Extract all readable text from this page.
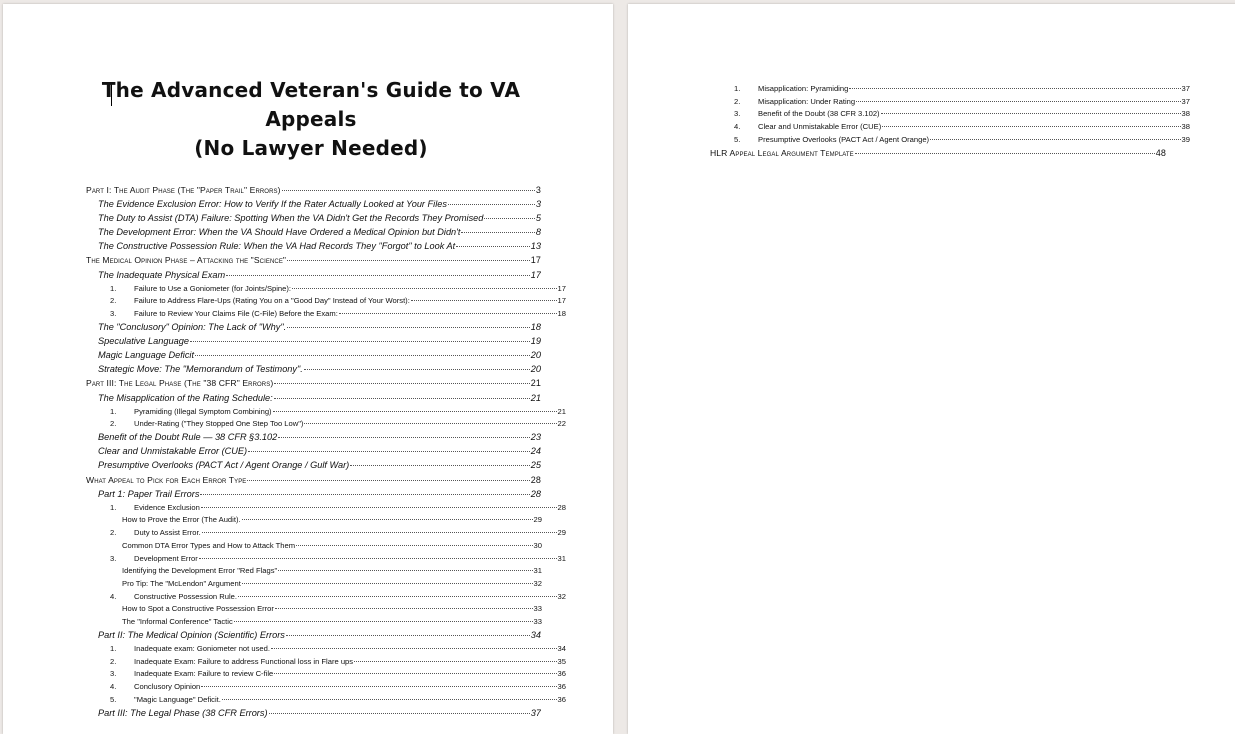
The Advanced Veteran's Guide to VA
Appeals
(No Lawyer Needed)
Part I: The Audit Phase (The "Paper Trail" Errors)	3
The Evidence Exclusion Error: How to Verify If the Rater Actually Looked at Your Files	3
The Duty to Assist (DTA) Failure: Spotting When the VA Didn't Get the Records They Promised	5
The Development Error: When the VA Should Have Ordered a Medical Opinion but Didn't	8
The Constructive Possession Rule: When the VA Had Records They "Forgot" to Look At	13
The Medical Opinion Phase – Attacking the "Science"	17
The Inadequate Physical Exam	17
1. Failure to Use a Goniometer (for Joints/Spine):	17
2. Failure to Address Flare-Ups (Rating You on a "Good Day" Instead of Your Worst):	17
3. Failure to Review Your Claims File (C-File) Before the Exam:	18
The "Conclusory" Opinion: The Lack of "Why".	18
Speculative Language	19
Magic Language Deficit	20
Strategic Move: The "Memorandum of Testimony".	20
Part III: The Legal Phase (The "38 CFR" Errors)	21
The Misapplication of the Rating Schedule:	21
1. Pyramiding (Illegal Symptom Combining)	21
2. Under-Rating ("They Stopped One Step Too Low")	22
Benefit of the Doubt Rule — 38 CFR §3.102	23
Clear and Unmistakable Error (CUE)	24
Presumptive Overlooks (PACT Act / Agent Orange / Gulf War)	25
What Appeal to Pick for Each Error Type	28
Part 1: Paper Trail Errors	28
1. Evidence Exclusion	28
How to Prove the Error (The Audit).	29
2. Duty to Assist Error.	29
Common DTA Error Types and How to Attack Them	30
3. Development Error	31
Identifying the Development Error "Red Flags"	31
Pro Tip: The "McLendon" Argument	32
4. Constructive Possession Rule.	32
How to Spot a Constructive Possession Error	33
The "Informal Conference" Tactic	33
Part II: The Medical Opinion (Scientific) Errors	34
1. Inadequate exam: Goniometer not used.	34
2. Inadequate Exam: Failure to address Functional loss in Flare ups	35
3. Inadequate Exam: Failure to review C-file	36
4. Conclusory Opinion	36
5. "Magic Language" Deficit.	36
Part III: The Legal Phase (38 CFR Errors)	37
1. Misapplication: Pyramiding	37
2. Misapplication: Under Rating	37
3. Benefit of the Doubt (38 CFR 3.102)	38
4. Clear and Unmistakable Error (CUE)	38
5. Presumptive Overlooks (PACT Act / Agent Orange)	39
HLR Appeal Legal Argument Template	48
